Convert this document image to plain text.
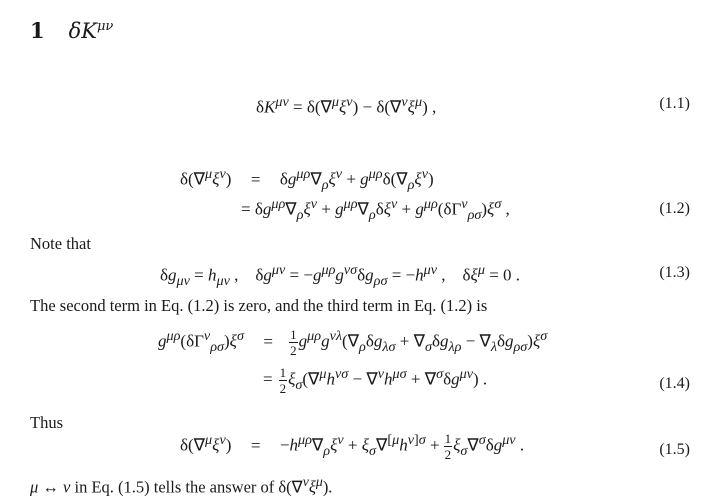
1 $\delta K^{\mu\nu}$
$\delta K^{\mu\nu} = \delta(\nabla^\mu\xi^\nu) - \delta(\nabla^\nu\xi^\mu)$ ,	(1.1)
$\delta(\nabla^\mu\xi^\nu) = \delta g^{\mu\rho}\nabla_\rho\xi^\nu + g^{\mu\rho}\delta(\nabla_\rho\xi^\nu)$
= $\delta g^{\mu\rho}\nabla_\rho\xi^\nu + g^{\mu\rho}\nabla_\rho\delta\xi^\nu + g^{\mu\rho}(\delta\Gamma^\nu_{\rho\sigma})\xi^\sigma$ ,	(1.2)
Note that
$\delta g_{\mu\nu} = h_{\mu\nu}$ ,    $\delta g^{\mu\nu} = -g^{\mu\rho}g^{\nu\sigma}\delta g_{\rho\sigma} = -h^{\mu\nu}$ ,    $\delta\xi^\mu = 0$ .	(1.3)
The second term in Eq. (1.2) is zero, and the third term in Eq. (1.2) is
$g^{\mu\rho}(\delta\Gamma^\nu_{\rho\sigma})\xi^\sigma = \frac{1}{2} g^{\mu\rho}g^{\nu\lambda}(\nabla_\rho\delta g_{\lambda\sigma} + \nabla_\sigma\delta g_{\lambda\rho} - \nabla_\lambda\delta g_{\rho\sigma})\xi^\sigma$
= $\frac{1}{2} \xi_\sigma(\nabla^\mu h^{\nu\sigma} - \nabla^\nu h^{\mu\sigma} + \nabla^\sigma\delta g^{\mu\nu})$ .	(1.4)
Thus
$\delta(\nabla^\mu\xi^\nu) = -h^{\mu\rho}\nabla_\rho\xi^\nu + \xi_\sigma\nabla^{[\mu}h^{\nu]\sigma} + \frac{1}{2} \xi_\sigma\nabla^\sigma\delta g^{\mu\nu}$ .	(1.5)
μ ↔ ν in Eq. (1.5) tells the answer of $\delta(\nabla^\nu\xi^\mu)$.
